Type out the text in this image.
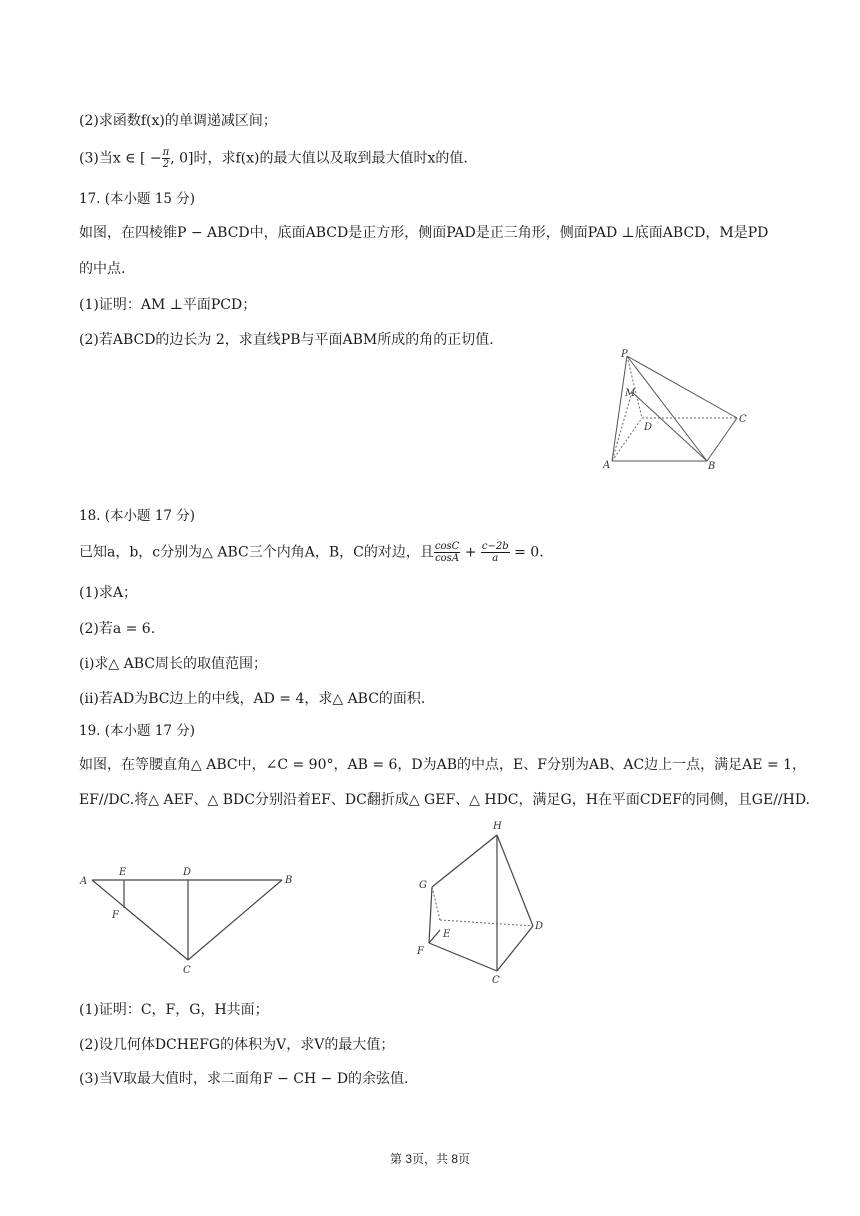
(2)求函数f(x)的单调递减区间；
(3)当x ∈ [ − $\frac{\pi}{2}$ , 0]时，求f(x)的最大值以及取到最大值时x的值.
17. (本小题 15 分)
如图，在四棱锥P − ABCD中，底面ABCD是正方形，侧面PAD是正三角形，侧面PAD ⊥底面ABCD，M是PD
的中点.
(1)证明：AM ⊥平面PCD；
(2)若ABCD的边长为 2，求直线PB与平面ABM所成的角的正切值.
P
M
D
C
A	B
18. (本小题 17 分)
已知a，b，c分别为△ ABC三个内角A，B，C的对边，且 $\frac{\cos C}{\cos A} + \frac{c-2b}{a} = 0$.
(1)求A；
(2)若a = 6.
(i)求△ ABC周长的取值范围；
(ii)若AD为BC边上的中线，AD = 4，求△ ABC的面积.
19. (本小题 17 分)
如图，在等腰直角△ ABC中，∠C = 90°，AB = 6，D为AB的中点，E、F分别为AB、AC边上一点，满足AE = 1，
EF//DC.将△ AEF、△ BDC分别沿着EF、DC翻折成△ GEF、△ HDC，满足G，H在平面CDEF的同侧，且GE//HD.
A
E	D
B
F
C
H
G
E
D
F
C
(1)证明：C，F，G，H共面；
(2)设几何体DCHEFG的体积为V，求V的最大值；
(3)当V取最大值时，求二面角F − CH − D的余弦值.
第 3页，共 8页
